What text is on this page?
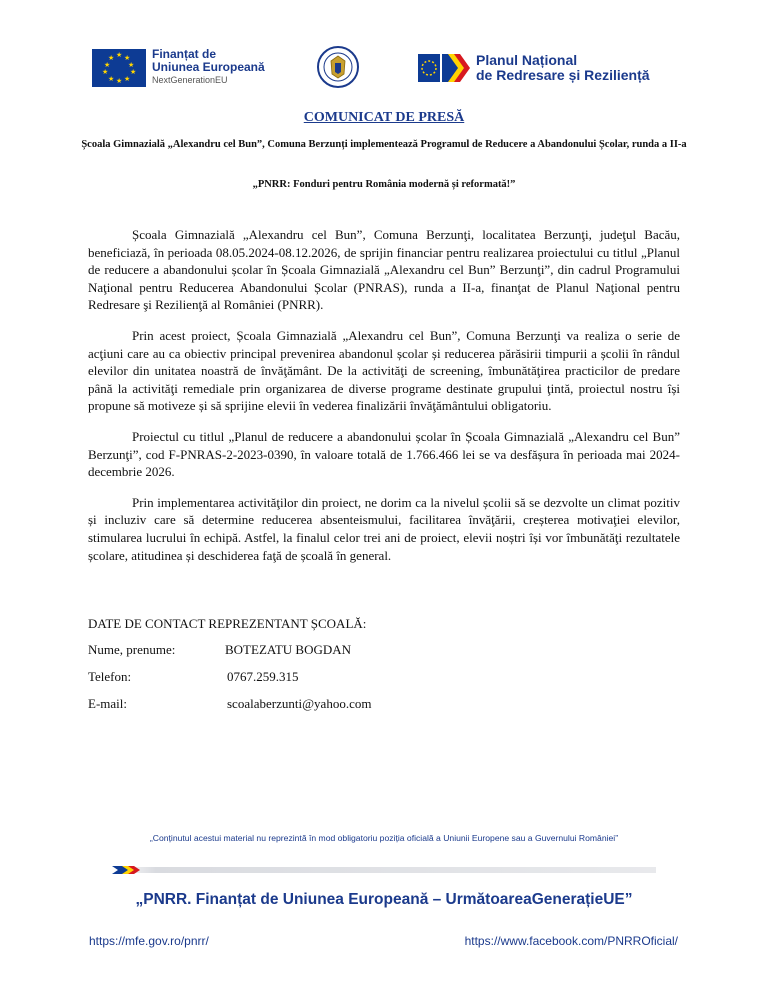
★ ★
★
★
★
★
★
★
★
★	Finanțat de
Uniunea Europeană
NextGenerationEU
Planul Național
de Redresare și Reziliență
COMUNICAT DE PRESĂ
Școala Gimnazială „Alexandru cel Bun”, Comuna Berzunți implementează Programul de Reducere a Abandonului Școlar, runda a II-a
„PNRR: Fonduri pentru România modernă și reformată!”

Școala Gimnazială „Alexandru cel Bun”, Comuna Berzunţi, localitatea Berzunţi, judeţul Bacău, beneficiază, în perioada 08.05.2024-08.12.2026, de sprijin financiar pentru realizarea proiectului cu titlul „Planul de reducere a abandonului școlar în Școala Gimnazială „Alexandru cel Bun” Berzunţi”, din cadrul Programului Naţional pentru Reducerea Abandonului Școlar (PNRAS), runda a II-a, finanţat de Planul Naţional pentru Redresare şi Rezilienţă al României (PNRR).

Prin acest proiect, Școala Gimnazială „Alexandru cel Bun”, Comuna Berzunţi va realiza o serie de acţiuni care au ca obiectiv principal prevenirea abandonul școlar și reducerea părăsirii timpurii a școlii în rândul elevilor din unitatea noastră de învăţământ. De la activităţi de screening, îmbunătăţirea practicilor de predare până la activităţi remediale prin organizarea de diverse programe destinate grupului ţintă, proiectul nostru își propune să motiveze și să sprijine elevii în vederea finalizării învăţământului obligatoriu.

Proiectul cu titlul „Planul de reducere a abandonului școlar în Școala Gimnazială „Alexandru cel Bun” Berzunţi”, cod F-PNRAS-2-2023-0390, în valoare totală de 1.766.466 lei se va desfășura în perioada mai 2024-decembrie 2026.

Prin implementarea activităţilor din proiect, ne dorim ca la nivelul școlii să se dezvolte un climat pozitiv și incluziv care să determine reducerea absenteismului, facilitarea învăţării, creșterea motivaţiei elevilor, stimularea lucrului în echipă. Astfel, la finalul celor trei ani de proiect, elevii noștri își vor îmbunătăţi rezultatele școlare, atitudinea și deschiderea faţă de școală în general.

DATE DE CONTACT REPREZENTANT ȘCOALĂ:
Nume, prenume:	BOTEZATU BOGDAN
Telefon:	0767.259.315
E-mail:	scoalaberzunti@yahoo.com
„Conținutul acestui material nu reprezintă în mod obligatoriu poziția oficială a Uniunii Europene sau a Guvernului României”
„PNRR. Finanțat de Uniunea Europeană – UrmătoareaGenerațieUE”
https://mfe.gov.ro/pnrr/	https://www.facebook.com/PNRROficial/
